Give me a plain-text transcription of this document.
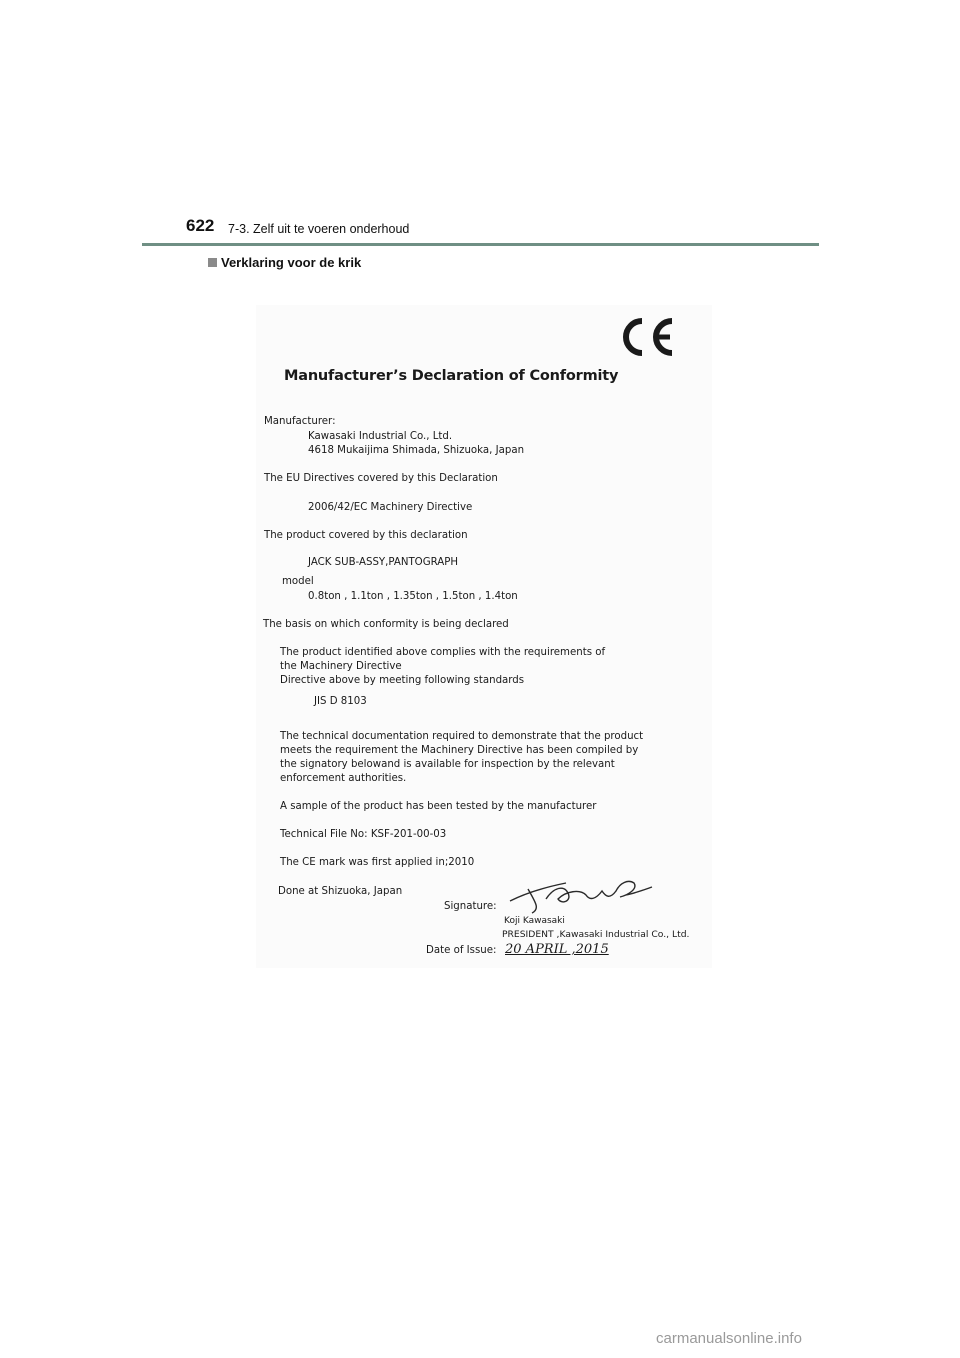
622 7-3. Zelf uit te voeren onderhoud
Verklaring voor de krik
Manufacturer’s Declaration of Conformity
Manufacturer:
Kawasaki Industrial Co., Ltd.
4618 Mukaijima Shimada, Shizuoka, Japan
The EU Directives covered by this Declaration
2006/42/EC Machinery Directive
The product covered by this declaration
JACK SUB-ASSY,PANTOGRAPH
model
0.8ton , 1.1ton , 1.35ton , 1.5ton , 1.4ton
The basis on which conformity is being declared
The product identified above complies with the requirements of
the Machinery Directive
Directive above by meeting following standards
JIS D 8103
The technical documentation required to demonstrate that the product
meets the requirement the Machinery Directive has been compiled by
the signatory belowand is available for inspection by the relevant
enforcement authorities.
A sample of the product has been tested by the manufacturer
Technical File No: KSF-201-00-03
The CE mark was first applied in;2010
Done at Shizuoka, Japan
Signature:
Koji Kawasaki
PRESIDENT ,Kawasaki Industrial Co., Ltd.
Date of Issue: 20 APRIL ,2015
carmanualsonline.info
